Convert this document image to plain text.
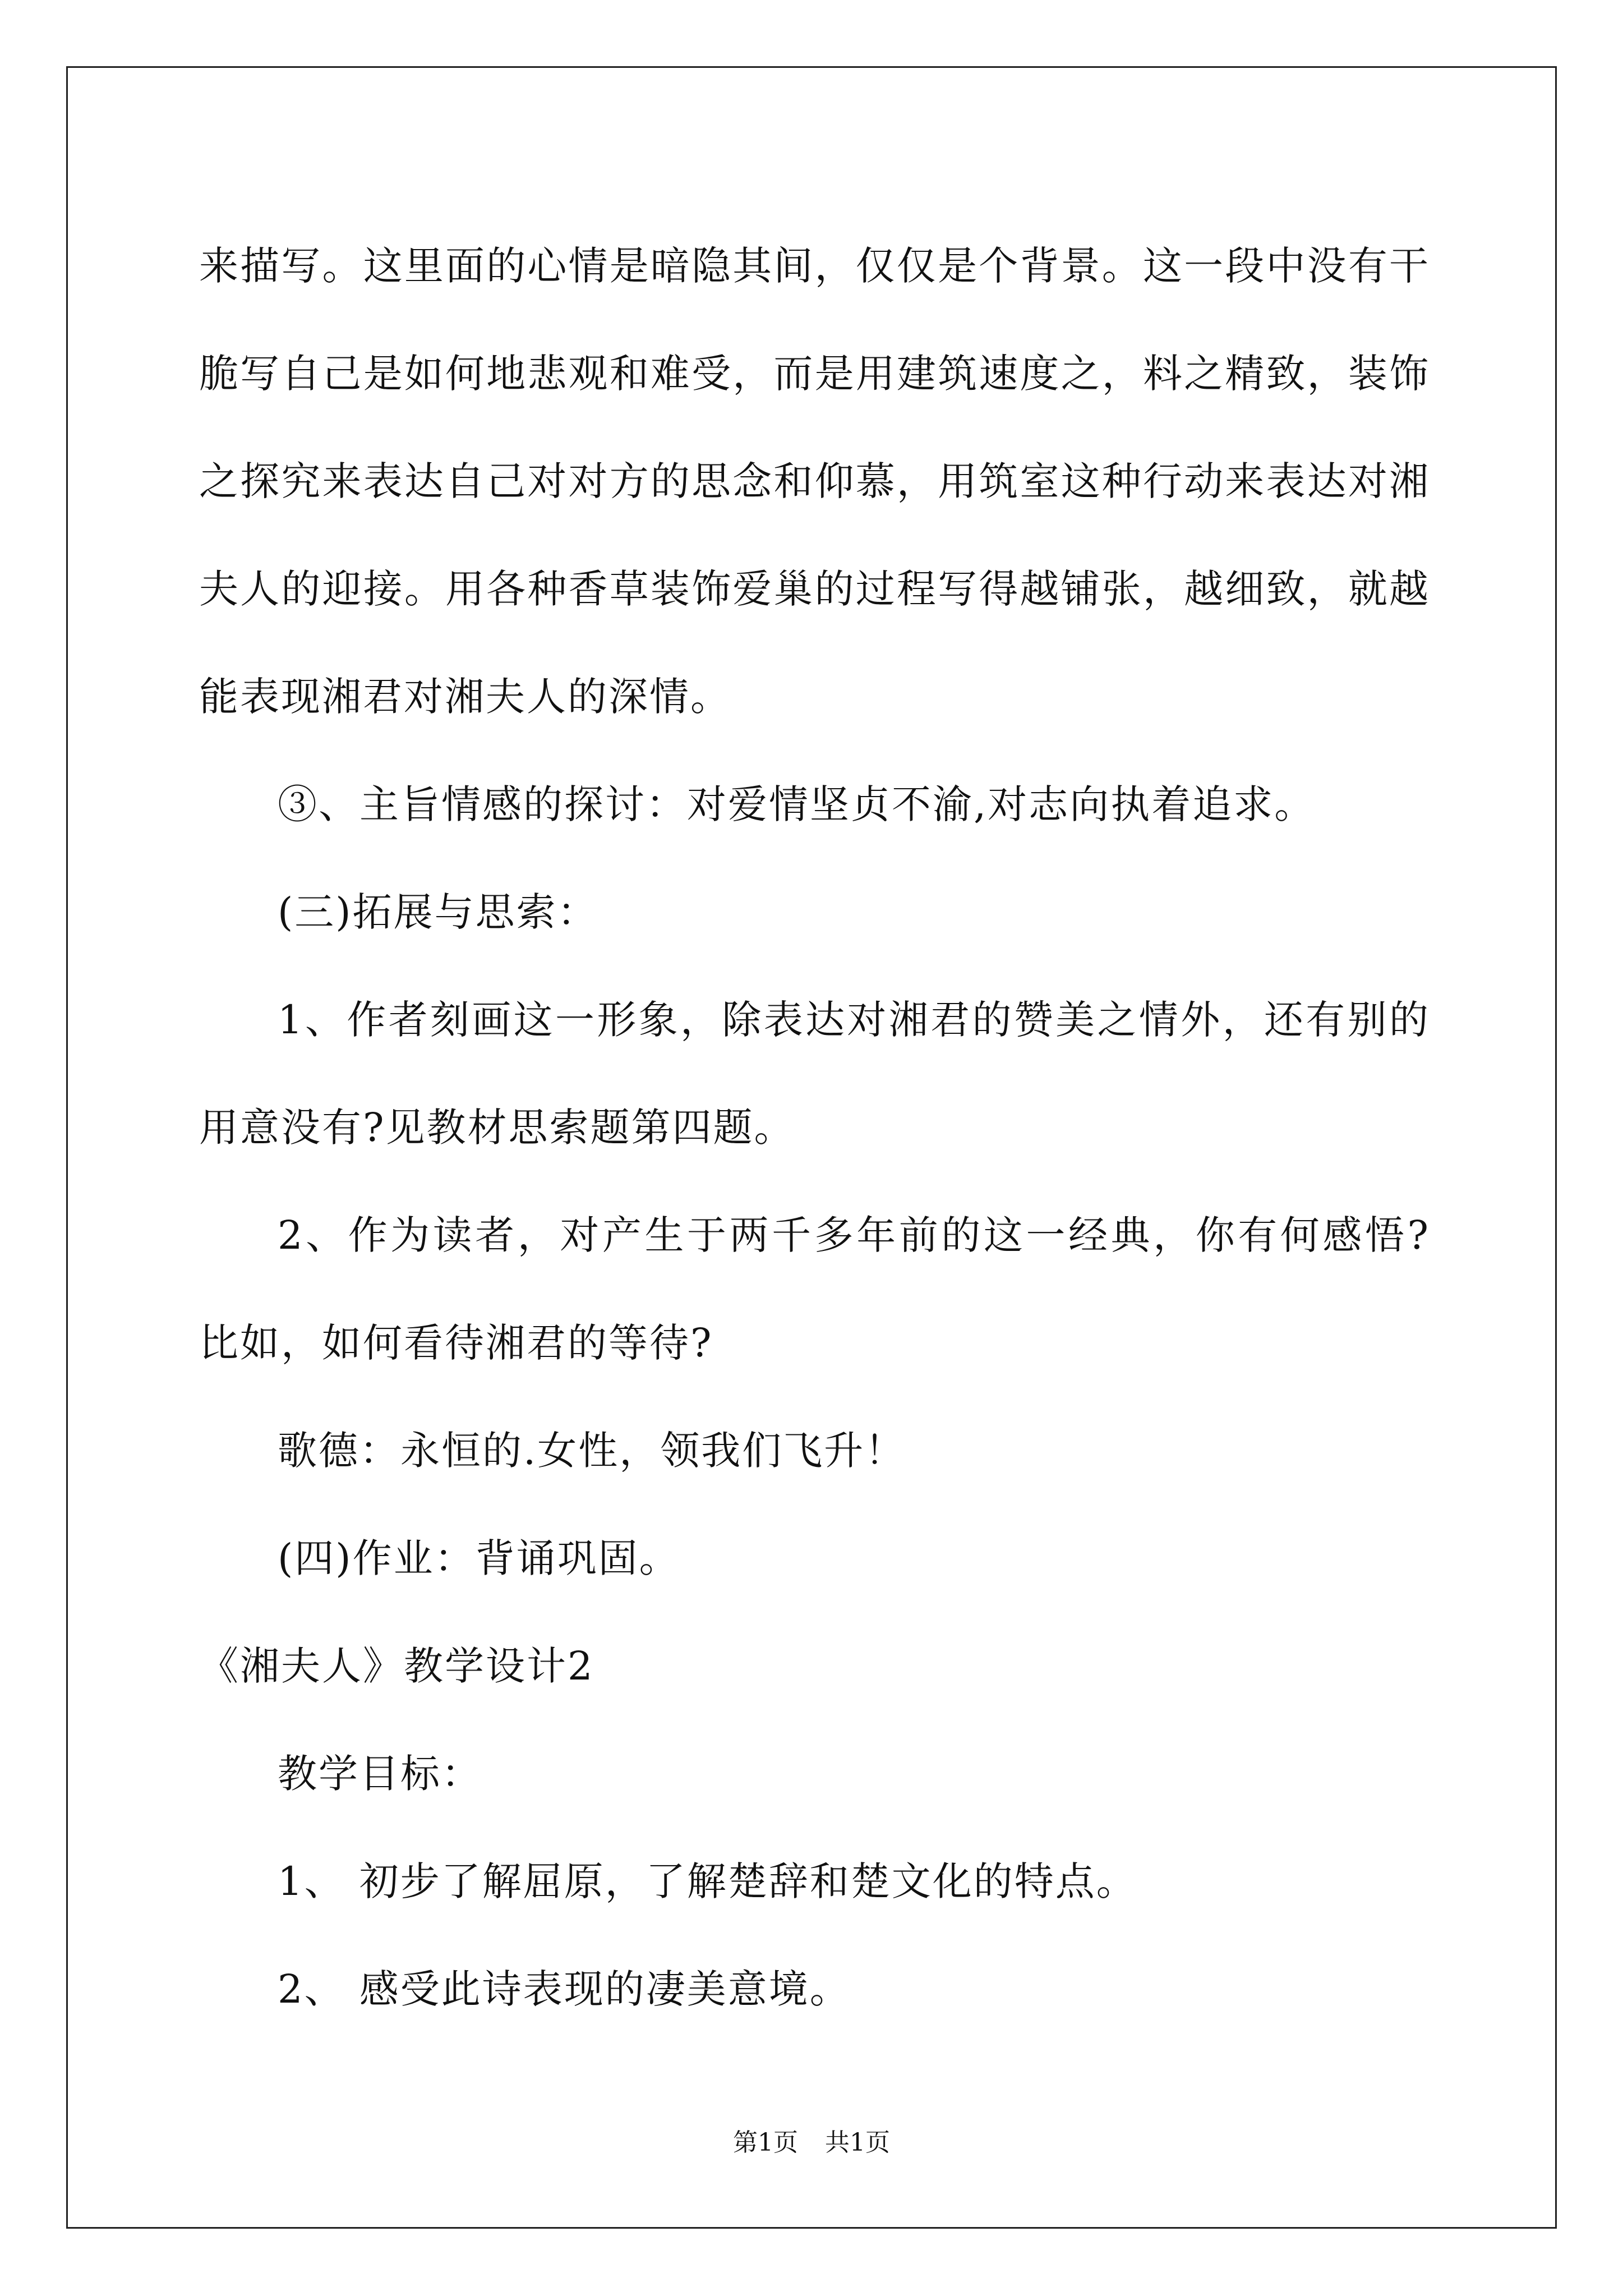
来描写。这里面的心情是暗隐其间，仅仅是个背景。这一段中没有干脆写自己是如何地悲观和难受，而是用建筑速度之，料之精致，装饰之探究来表达自己对对方的思念和仰慕，用筑室这种行动来表达对湘夫人的迎接。用各种香草装饰爱巢的过程写得越铺张，越细致，就越能表现湘君对湘夫人的深情。

③、主旨情感的探讨：对爱情坚贞不渝,对志向执着追求。

(三)拓展与思索：

1、作者刻画这一形象，除表达对湘君的赞美之情外，还有别的用意没有?见教材思索题第四题。

2、作为读者，对产生于两千多年前的这一经典，你有何感悟?比如，如何看待湘君的等待?

歌德：永恒的.女性，领我们飞升！

(四)作业：背诵巩固。

《湘夫人》教学设计2

教学目标：

1、 初步了解屈原，了解楚辞和楚文化的特点。

2、 感受此诗表现的凄美意境。

第1页 共1页
